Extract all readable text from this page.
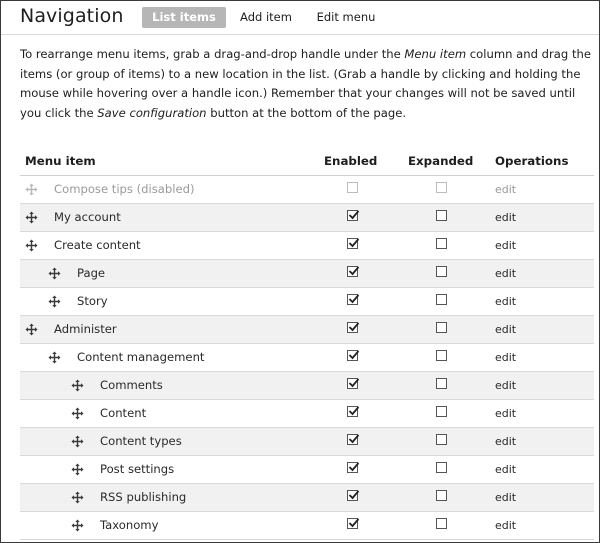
Navigation	List items	Add item	Edit menu
To rearrange menu items, grab a drag-and-drop handle under the Menu item column and drag the items (or group of items) to a new location in the list. (Grab a handle by clicking and holding the mouse while hovering over a handle icon.) Remember that your changes will not be saved until you click the Save configuration button at the bottom of the page.
Menu item	Enabled	Expanded Operations
Compose tips (disabled)	edit
My account	edit
Create content	edit
Page	edit
Story	edit
Administer	edit
Content management	edit
Comments	edit
Content	edit
Content types	edit
Post settings	edit
RSS publishing	edit
Taxonomy	edit
